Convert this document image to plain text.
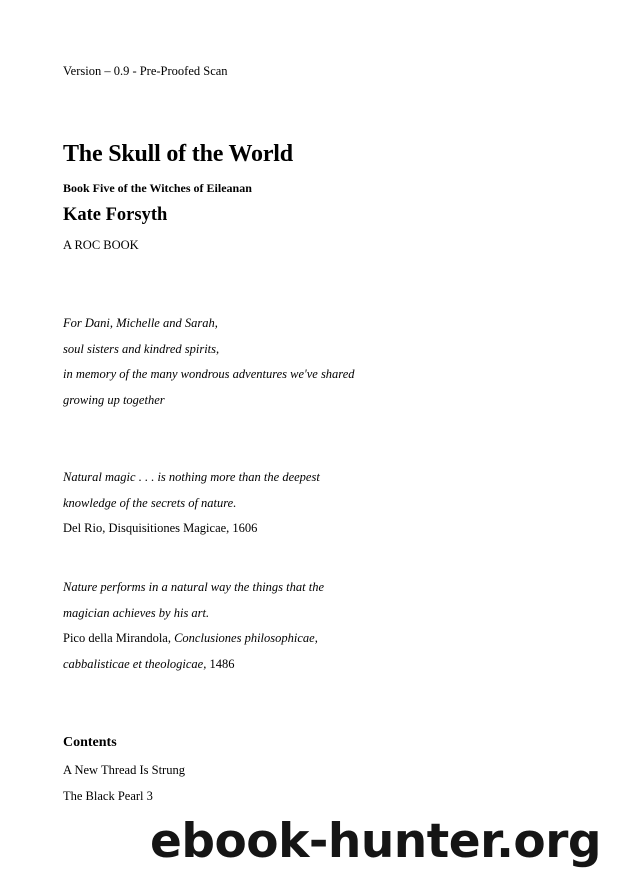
Version – 0.9 - Pre-Proofed Scan

The Skull of the World

Book Five of the Witches of Eileanan

Kate Forsyth

A ROC BOOK

For Dani, Michelle and Sarah,

soul sisters and kindred spirits,

in memory of the many wondrous adventures we've shared

growing up together

Natural magic . . . is nothing more than the deepest

knowledge of the secrets of nature.

Del Rio, Disquisitiones Magicae, 1606

Nature performs in a natural way the things that the

magician achieves by his art.

Pico della Mirandola, Conclusiones philosophicae,

cabbalisticae et theologicae, 1486

Contents

A New Thread Is Strung

The Black Pearl 3

ebook-hunter.org
